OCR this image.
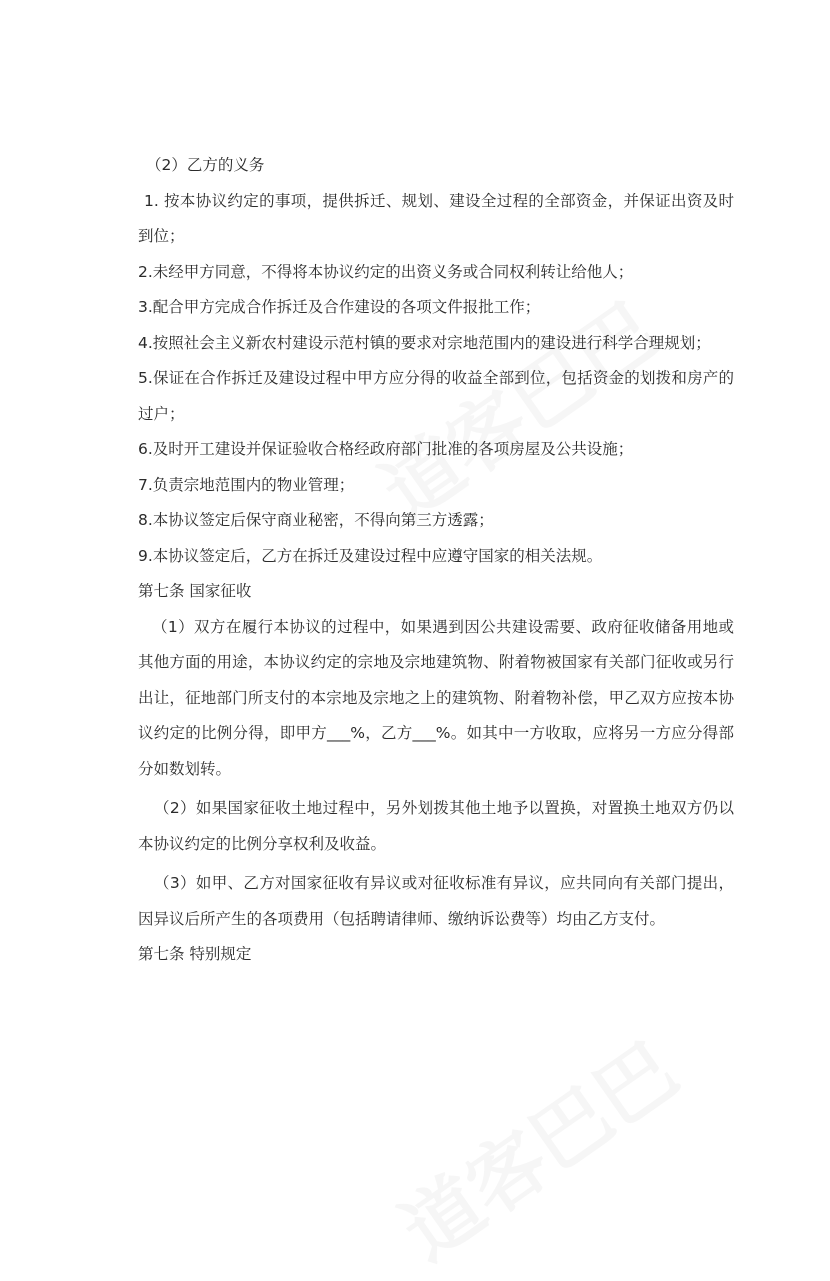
（2）乙方的义务

1. 按本协议约定的事项，提供拆迁、规划、建设全过程的全部资金，并保证出资及时到位；

2.未经甲方同意，不得将本协议约定的出资义务或合同权利转让给他人；

3.配合甲方完成合作拆迁及合作建设的各项文件报批工作；

4.按照社会主义新农村建设示范村镇的要求对宗地范围内的建设进行科学合理规划；

5.保证在合作拆迁及建设过程中甲方应分得的收益全部到位，包括资金的划拨和房产的过户；

6.及时开工建设并保证验收合格经政府部门批准的各项房屋及公共设施；

7.负责宗地范围内的物业管理；

8.本协议签定后保守商业秘密，不得向第三方透露；

9.本协议签定后，乙方在拆迁及建设过程中应遵守国家的相关法规。

第七条 国家征收

（1）双方在履行本协议的过程中，如果遇到因公共建设需要、政府征收储备用地或其他方面的用途，本协议约定的宗地及宗地建筑物、附着物被国家有关部门征收或另行出让，征地部门所支付的本宗地及宗地之上的建筑物、附着物补偿，甲乙双方应按本协议约定的比例分得，即甲方___%，乙方___%。如其中一方收取，应将另一方应分得部分如数划转。

（2）如果国家征收土地过程中，另外划拨其他土地予以置换，对置换土地双方仍以本协议约定的比例分享权利及收益。

（3）如甲、乙方对国家征收有异议或对征收标准有异议，应共同向有关部门提出，因异议后所产生的各项费用（包括聘请律师、缴纳诉讼费等）均由乙方支付。

第七条 特别规定
